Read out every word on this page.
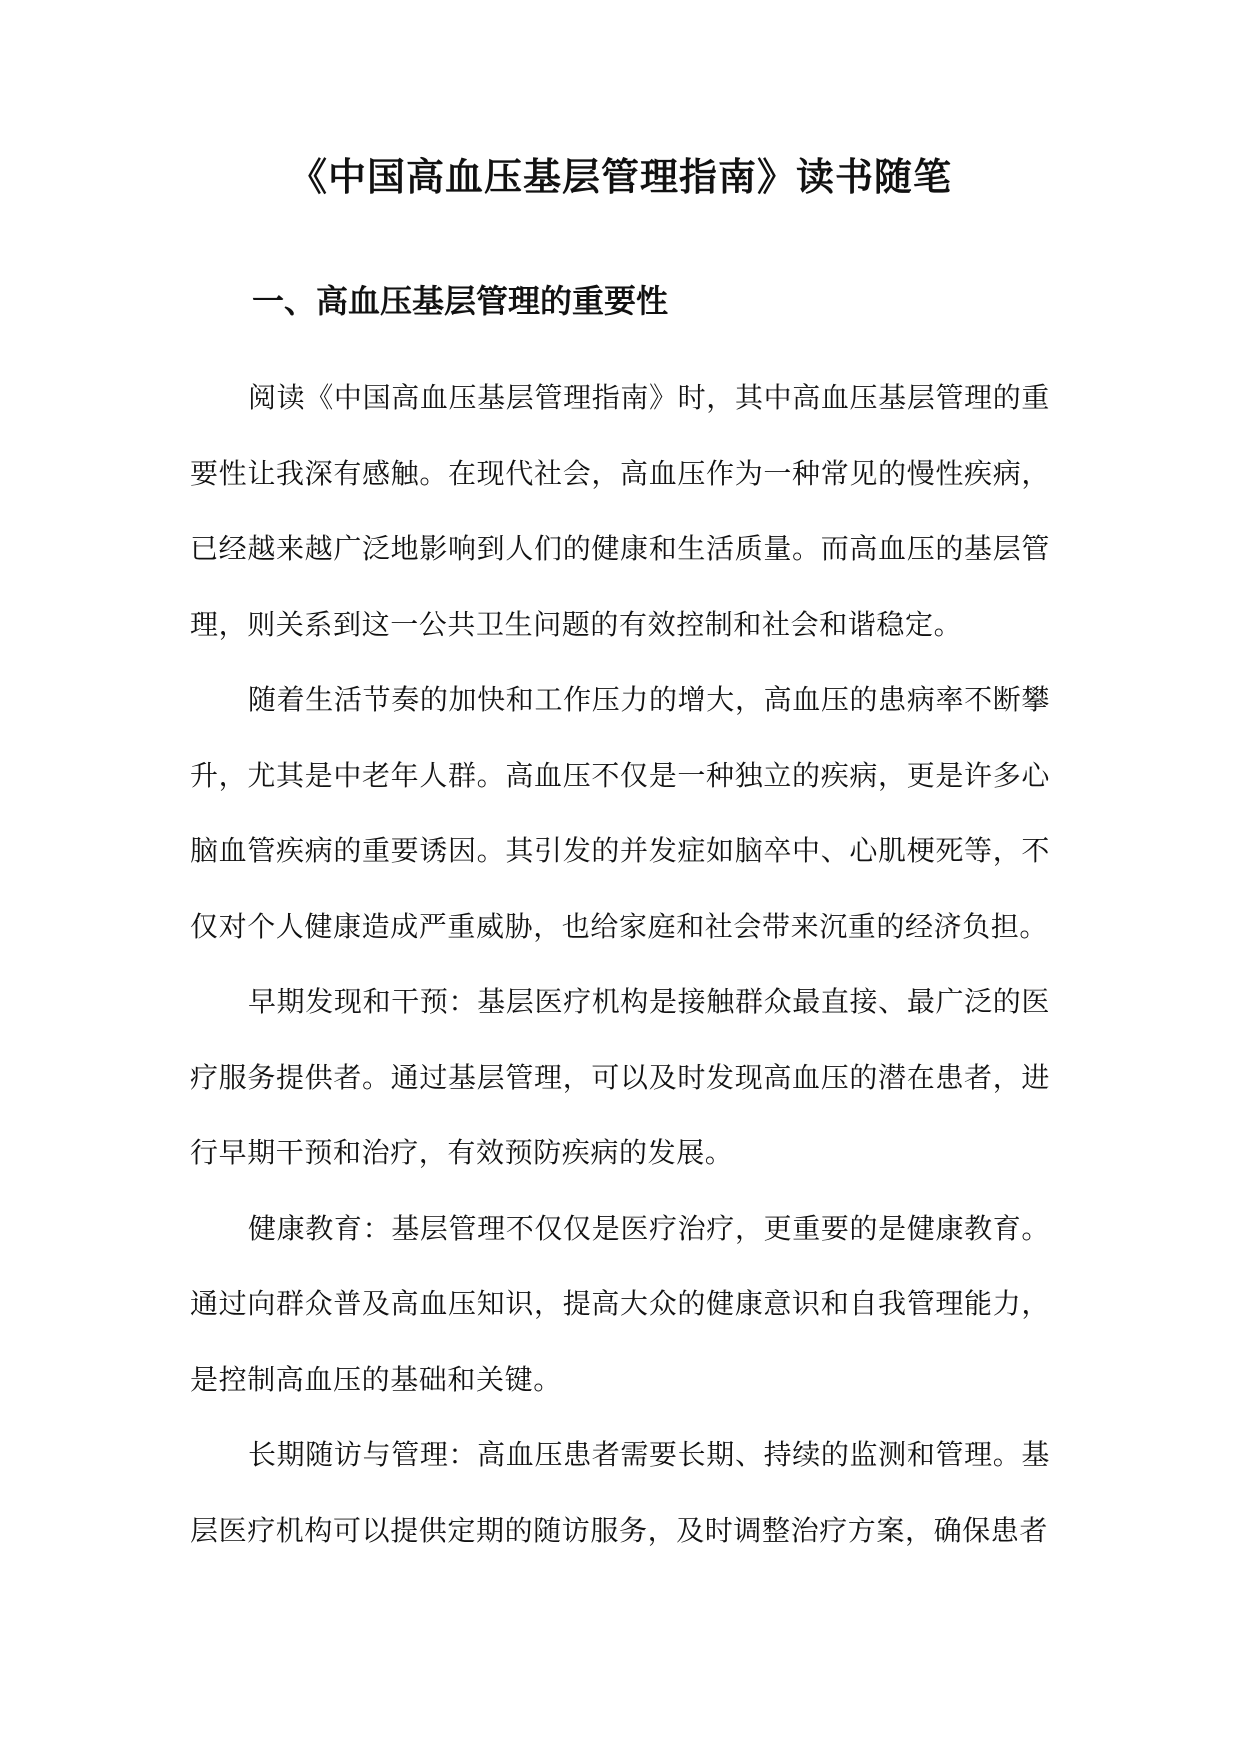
《中国高血压基层管理指南》读书随笔
一、高血压基层管理的重要性

阅读《中国高血压基层管理指南》时，其中高血压基层管理的重要性让我深有感触。在现代社会，高血压作为一种常见的慢性疾病，已经越来越广泛地影响到人们的健康和生活质量。而高血压的基层管理，则关系到这一公共卫生问题的有效控制和社会和谐稳定。

随着生活节奏的加快和工作压力的增大，高血压的患病率不断攀升，尤其是中老年人群。高血压不仅是一种独立的疾病，更是许多心脑血管疾病的重要诱因。其引发的并发症如脑卒中、心肌梗死等，不仅对个人健康造成严重威胁，也给家庭和社会带来沉重的经济负担。

早期发现和干预：基层医疗机构是接触群众最直接、最广泛的医疗服务提供者。通过基层管理，可以及时发现高血压的潜在患者，进行早期干预和治疗，有效预防疾病的发展。

健康教育：基层管理不仅仅是医疗治疗，更重要的是健康教育。通过向群众普及高血压知识，提高大众的健康意识和自我管理能力，是控制高血压的基础和关键。

长期随访与管理：高血压患者需要长期、持续的监测和管理。基层医疗机构可以提供定期的随访服务，及时调整治疗方案，确保患者
